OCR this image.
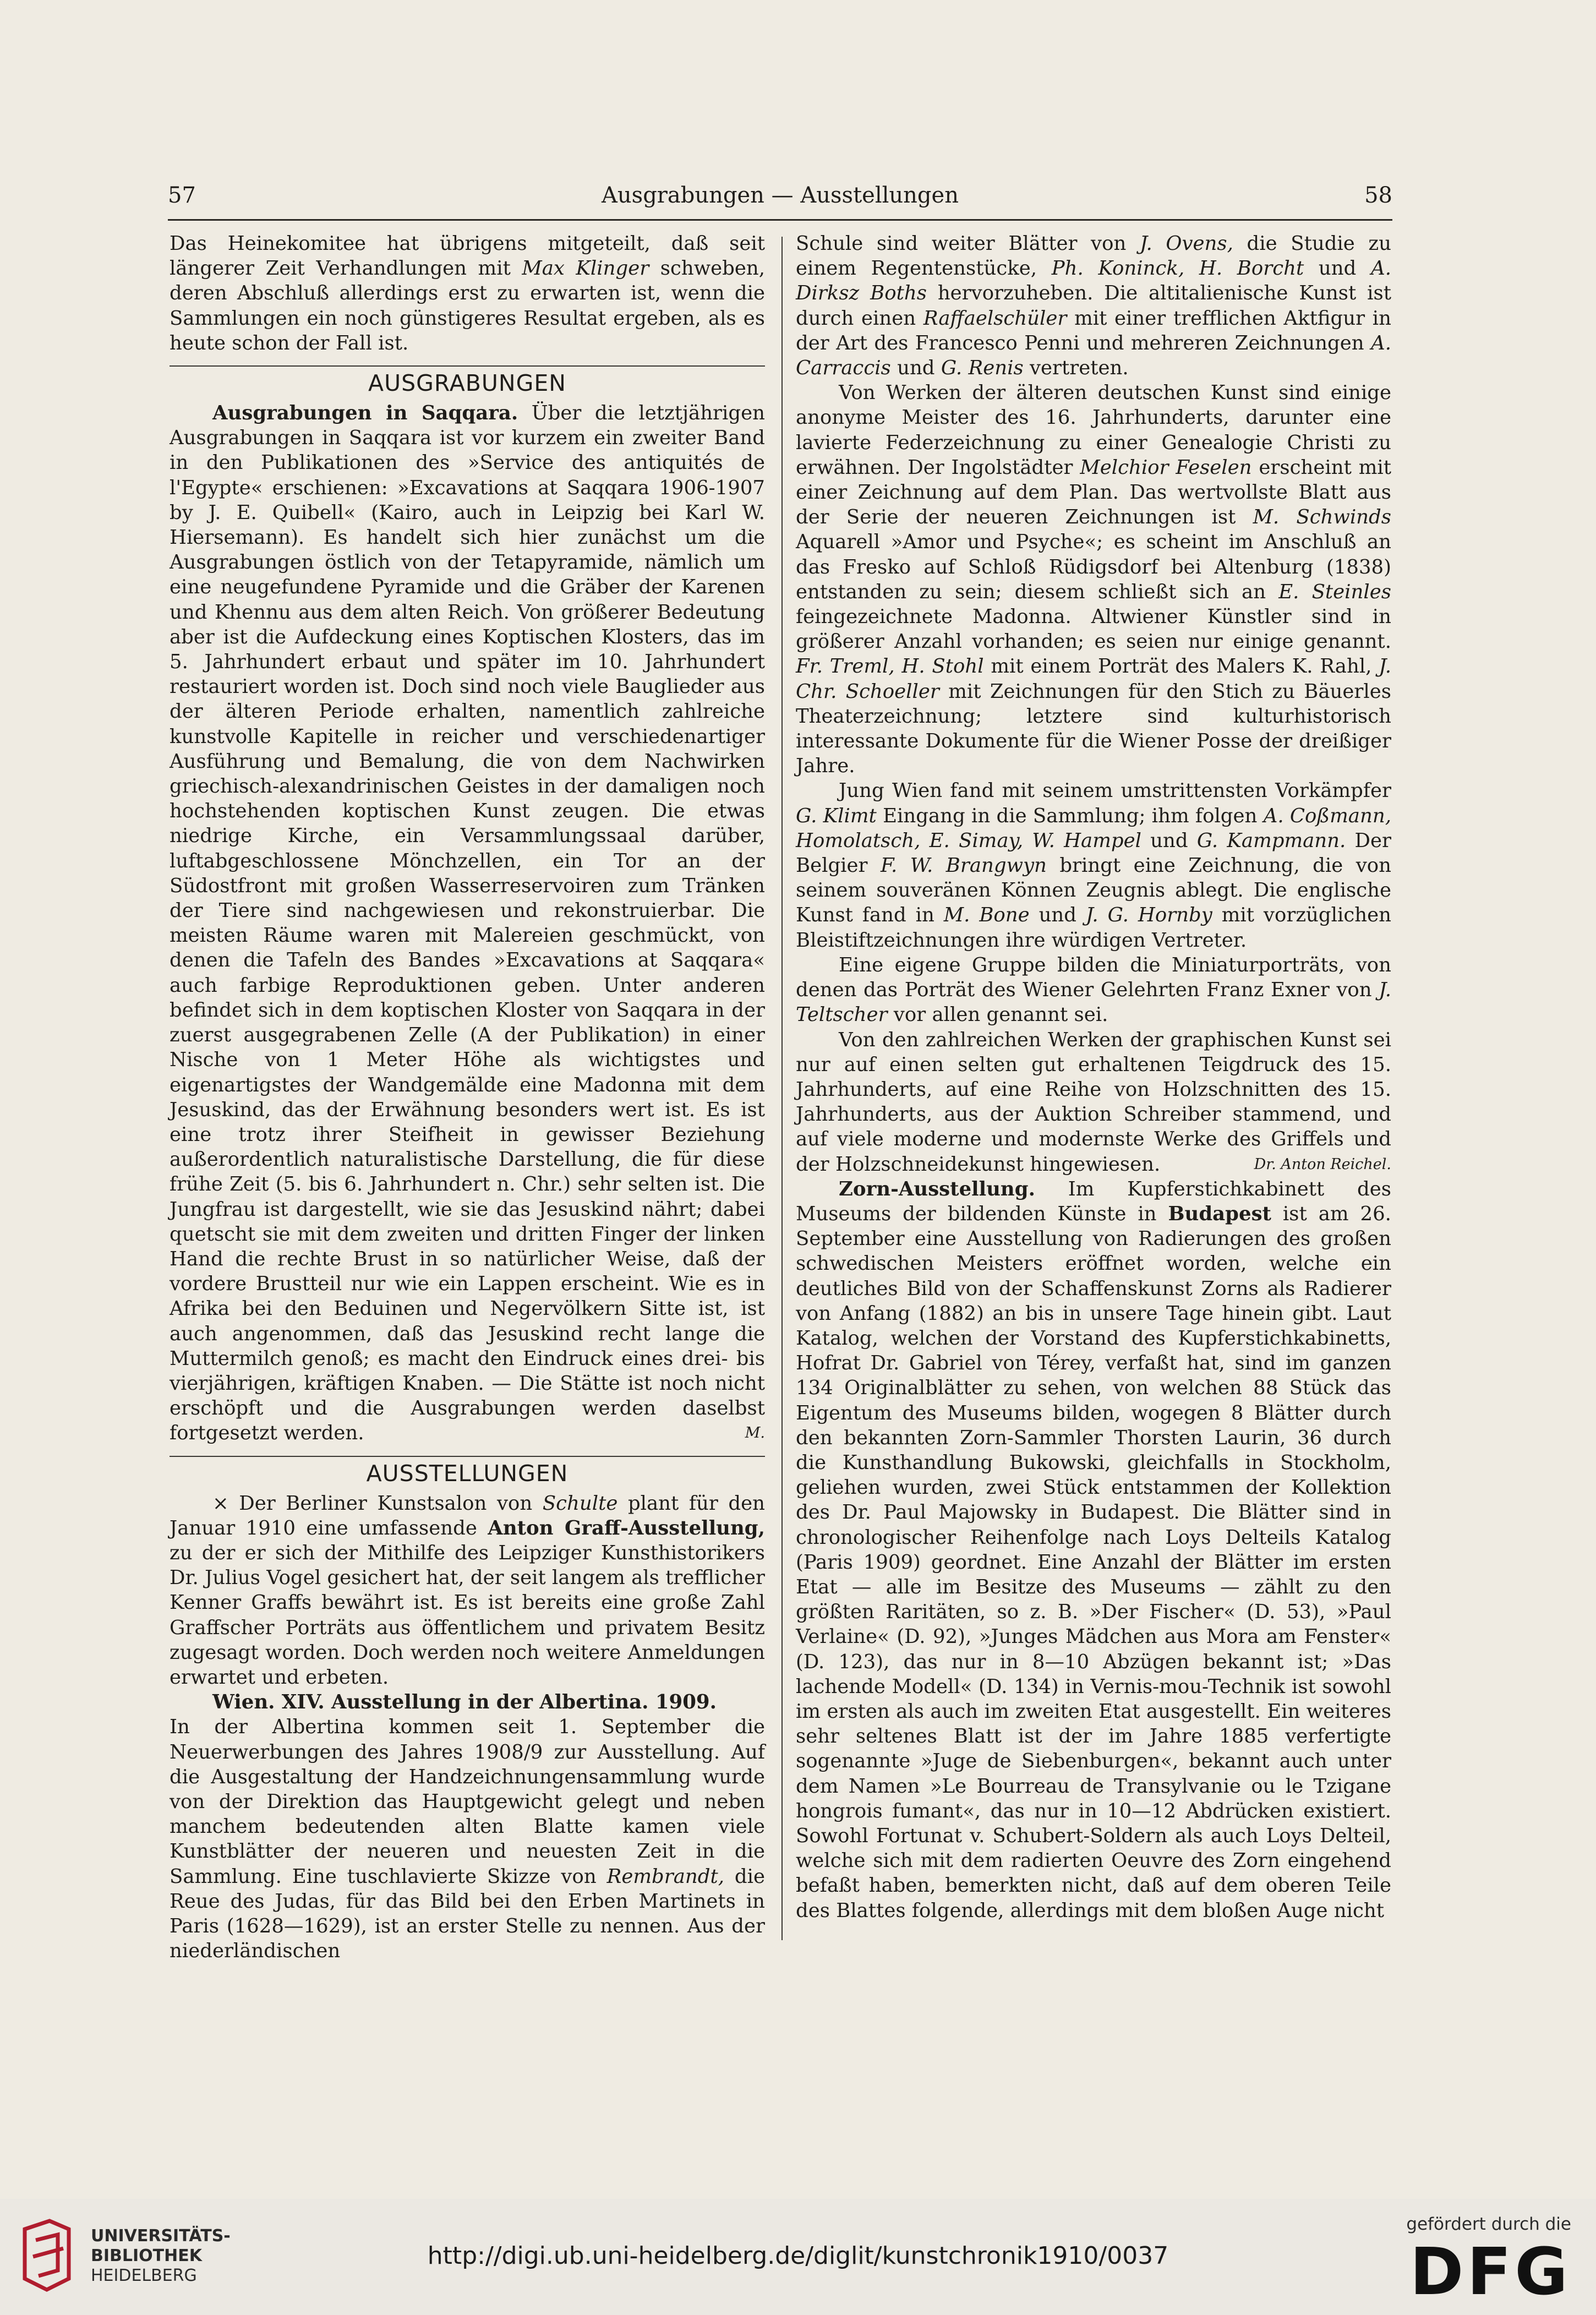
57	Ausgrabungen — Ausstellungen	58

Das Heinekomitee hat übrigens mitgeteilt, daß seit längerer Zeit Verhandlungen mit Max Klinger schweben, deren Abschluß allerdings erst zu erwarten ist, wenn die Sammlungen ein noch günstigeres Resultat ergeben, als es heute schon der Fall ist.

AUSGRABUNGEN

Ausgrabungen in Saqqara. Über die letztjährigen Ausgrabungen in Saqqara ist vor kurzem ein zweiter Band in den Publikationen des »Service des antiquités de l'Egypte« erschienen: »Excavations at Saqqara 1906-1907 by J. E. Quibell« (Kairo, auch in Leipzig bei Karl W. Hiersemann). Es handelt sich hier zunächst um die Ausgrabungen östlich von der Tetapyramide, nämlich um eine neugefundene Pyramide und die Gräber der Karenen und Khennu aus dem alten Reich. Von größerer Bedeutung aber ist die Aufdeckung eines Koptischen Klosters, das im 5. Jahrhundert erbaut und später im 10. Jahrhundert restauriert worden ist. Doch sind noch viele Bauglieder aus der älteren Periode erhalten, namentlich zahlreiche kunstvolle Kapitelle in reicher und verschiedenartiger Ausführung und Bemalung, die von dem Nachwirken griechisch-alexandrinischen Geistes in der damaligen noch hochstehenden koptischen Kunst zeugen. Die etwas niedrige Kirche, ein Versammlungssaal darüber, luftabgeschlossene Mönchzellen, ein Tor an der Südostfront mit großen Wasserreservoiren zum Tränken der Tiere sind nachgewiesen und rekonstruierbar. Die meisten Räume waren mit Malereien geschmückt, von denen die Tafeln des Bandes »Excavations at Saqqara« auch farbige Reproduktionen geben. Unter anderen befindet sich in dem koptischen Kloster von Saqqara in der zuerst ausgegrabenen Zelle (A der Publikation) in einer Nische von 1 Meter Höhe als wichtigstes und eigenartigstes der Wandgemälde eine Madonna mit dem Jesuskind, das der Erwähnung besonders wert ist. Es ist eine trotz ihrer Steifheit in gewisser Beziehung außerordentlich naturalistische Darstellung, die für diese frühe Zeit (5. bis 6. Jahrhundert n. Chr.) sehr selten ist. Die Jungfrau ist dargestellt, wie sie das Jesuskind nährt; dabei quetscht sie mit dem zweiten und dritten Finger der linken Hand die rechte Brust in so natürlicher Weise, daß der vordere Brustteil nur wie ein Lappen erscheint. Wie es in Afrika bei den Beduinen und Negervölkern Sitte ist, ist auch angenommen, daß das Jesuskind recht lange die Muttermilch genoß; es macht den Eindruck eines drei- bis vierjährigen, kräftigen Knaben. — Die Stätte ist noch nicht erschöpft und die Ausgrabungen werden daselbst fortgesetzt werden.	M.

AUSSTELLUNGEN

× Der Berliner Kunstsalon von Schulte plant für den Januar 1910 eine umfassende Anton Graff-Ausstellung, zu der er sich der Mithilfe des Leipziger Kunsthistorikers Dr. Julius Vogel gesichert hat, der seit langem als trefflicher Kenner Graffs bewährt ist. Es ist bereits eine große Zahl Graffscher Porträts aus öffentlichem und privatem Besitz zugesagt worden. Doch werden noch weitere Anmeldungen erwartet und erbeten.

Wien. XIV. Ausstellung in der Albertina. 1909.

In der Albertina kommen seit 1. September die Neuerwerbungen des Jahres 1908/9 zur Ausstellung. Auf die Ausgestaltung der Handzeichnungensammlung wurde von der Direktion das Hauptgewicht gelegt und neben manchem bedeutenden alten Blatte kamen viele Kunstblätter der neueren und neuesten Zeit in die Sammlung. Eine tuschlavierte Skizze von Rembrandt, die Reue des Judas, für das Bild bei den Erben Martinets in Paris (1628—1629), ist an erster Stelle zu nennen. Aus der niederländischen

Schule sind weiter Blätter von J. Ovens, die Studie zu einem Regentenstücke, Ph. Koninck, H. Borcht und A. Dirksz Boths hervorzuheben. Die altitalienische Kunst ist durch einen Raffaelschüler mit einer trefflichen Aktfigur in der Art des Francesco Penni und mehreren Zeichnungen A. Carraccis und G. Renis vertreten.

Von Werken der älteren deutschen Kunst sind einige anonyme Meister des 16. Jahrhunderts, darunter eine lavierte Federzeichnung zu einer Genealogie Christi zu erwähnen. Der Ingolstädter Melchior Feselen erscheint mit einer Zeichnung auf dem Plan. Das wertvollste Blatt aus der Serie der neueren Zeichnungen ist M. Schwinds Aquarell »Amor und Psyche«; es scheint im Anschluß an das Fresko auf Schloß Rüdigsdorf bei Altenburg (1838) entstanden zu sein; diesem schließt sich an E. Steinles feingezeichnete Madonna. Altwiener Künstler sind in größerer Anzahl vorhanden; es seien nur einige genannt. Fr. Treml, H. Stohl mit einem Porträt des Malers K. Rahl, J. Chr. Schoeller mit Zeichnungen für den Stich zu Bäuerles Theaterzeichnung; letztere sind kulturhistorisch interessante Dokumente für die Wiener Posse der dreißiger Jahre.

Jung Wien fand mit seinem umstrittensten Vorkämpfer G. Klimt Eingang in die Sammlung; ihm folgen A. Coßmann, Homolatsch, E. Simay, W. Hampel und G. Kampmann. Der Belgier F. W. Brangwyn bringt eine Zeichnung, die von seinem souveränen Können Zeugnis ablegt. Die englische Kunst fand in M. Bone und J. G. Hornby mit vorzüglichen Bleistiftzeichnungen ihre würdigen Vertreter.

Eine eigene Gruppe bilden die Miniaturporträts, von denen das Porträt des Wiener Gelehrten Franz Exner von J. Teltscher vor allen genannt sei.

Von den zahlreichen Werken der graphischen Kunst sei nur auf einen selten gut erhaltenen Teigdruck des 15. Jahrhunderts, auf eine Reihe von Holzschnitten des 15. Jahrhunderts, aus der Auktion Schreiber stammend, und auf viele moderne und modernste Werke des Griffels und der Holzschneidekunst hingewiesen.	Dr. Anton Reichel.

Zorn-Ausstellung. Im Kupferstichkabinett des Museums der bildenden Künste in Budapest ist am 26. September eine Ausstellung von Radierungen des großen schwedischen Meisters eröffnet worden, welche ein deutliches Bild von der Schaffenskunst Zorns als Radierer von Anfang (1882) an bis in unsere Tage hinein gibt. Laut Katalog, welchen der Vorstand des Kupferstichkabinetts, Hofrat Dr. Gabriel von Térey, verfaßt hat, sind im ganzen 134 Originalblätter zu sehen, von welchen 88 Stück das Eigentum des Museums bilden, wogegen 8 Blätter durch den bekannten Zorn-Sammler Thorsten Laurin, 36 durch die Kunsthandlung Bukowski, gleichfalls in Stockholm, geliehen wurden, zwei Stück entstammen der Kollektion des Dr. Paul Majowsky in Budapest. Die Blätter sind in chronologischer Reihenfolge nach Loys Delteils Katalog (Paris 1909) geordnet. Eine Anzahl der Blätter im ersten Etat — alle im Besitze des Museums — zählt zu den größten Raritäten, so z. B. »Der Fischer« (D. 53), »Paul Verlaine« (D. 92), »Junges Mädchen aus Mora am Fenster« (D. 123), das nur in 8—10 Abzügen bekannt ist; »Das lachende Modell« (D. 134) in Vernis-mou-Technik ist sowohl im ersten als auch im zweiten Etat ausgestellt. Ein weiteres sehr seltenes Blatt ist der im Jahre 1885 verfertigte sogenannte »Juge de Siebenburgen«, bekannt auch unter dem Namen »Le Bourreau de Transylvanie ou le Tzigane hongrois fumant«, das nur in 10—12 Abdrücken existiert. Sowohl Fortunat v. Schubert-Soldern als auch Loys Delteil, welche sich mit dem radierten Oeuvre des Zorn eingehend befaßt haben, bemerkten nicht, daß auf dem oberen Teile des Blattes folgende, allerdings mit dem bloßen Auge nicht

UNIVERSITÄTS-
BIBLIOTHEK
HEIDELBERG
http://digi.ub.uni-heidelberg.de/diglit/kunstchronik1910/0037
gefördert durch die
DFG
